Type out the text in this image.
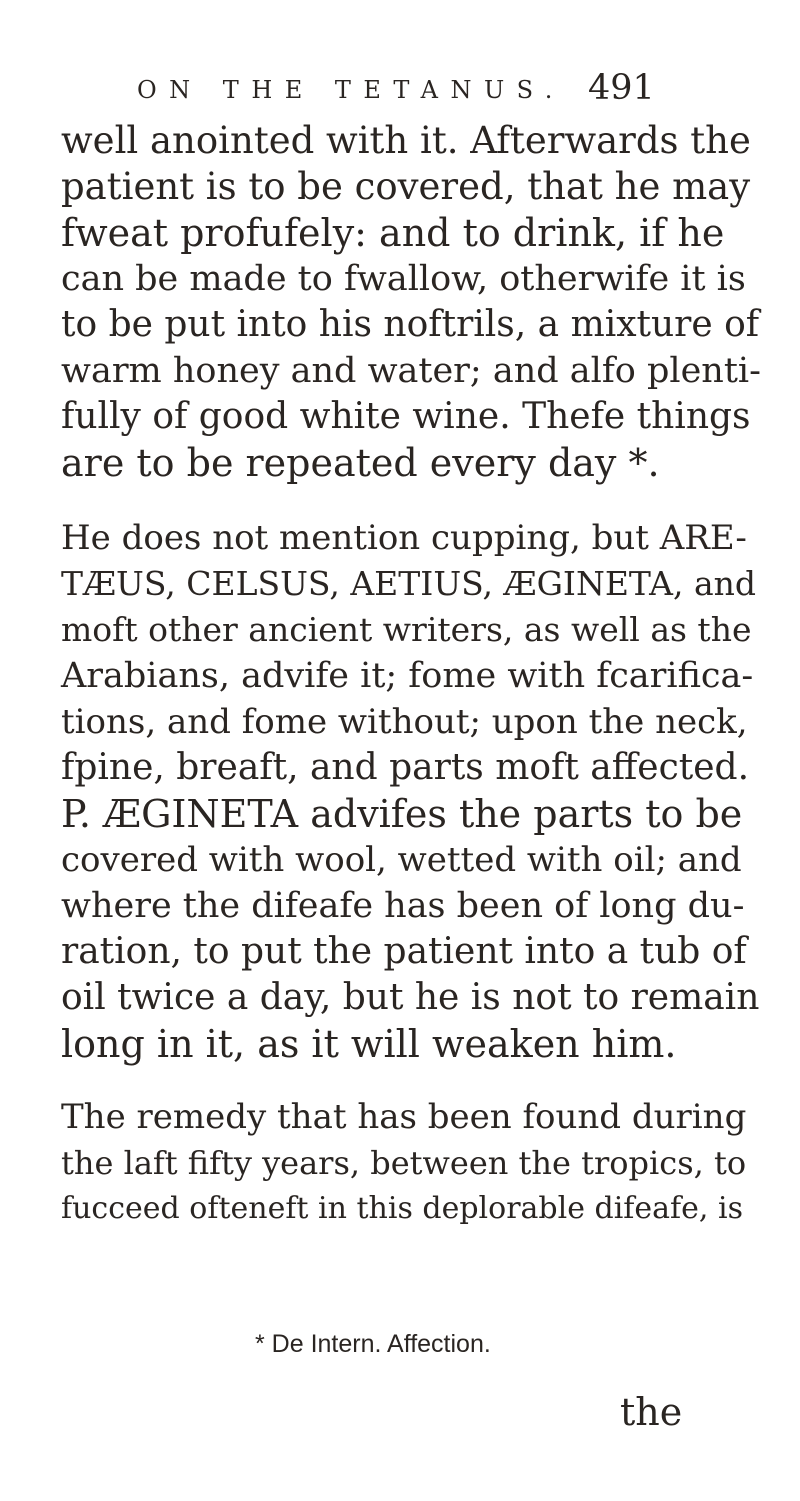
ON THE TETANUS. 491
well anointed with it. Afterwards the
patient is to be covered, that he may
fweat profufely: and to drink, if he
can be made to fwallow, otherwife it is
to be put into his noftrils, a mixture of
warm honey and water; and alfo plenti-
fully of good white wine. Thefe things
are to be repeated every day *.
He does not mention cupping, but ARE-
TÆUS, CELSUS, AETIUS, ÆGINETA, and
moft other ancient writers, as well as the
Arabians, advife it; fome with fcarifica-
tions, and fome without; upon the neck,
fpine, breaft, and parts moft affected.
P. ÆGINETA advifes the parts to be
covered with wool, wetted with oil; and
where the difeafe has been of long du-
ration, to put the patient into a tub of
oil twice a day, but he is not to remain
long in it, as it will weaken him.
The remedy that has been found during
the laft fifty years, between the tropics, to
fucceed ofteneft in this deplorable difeafe, is
* De Intern. Affection.
the
